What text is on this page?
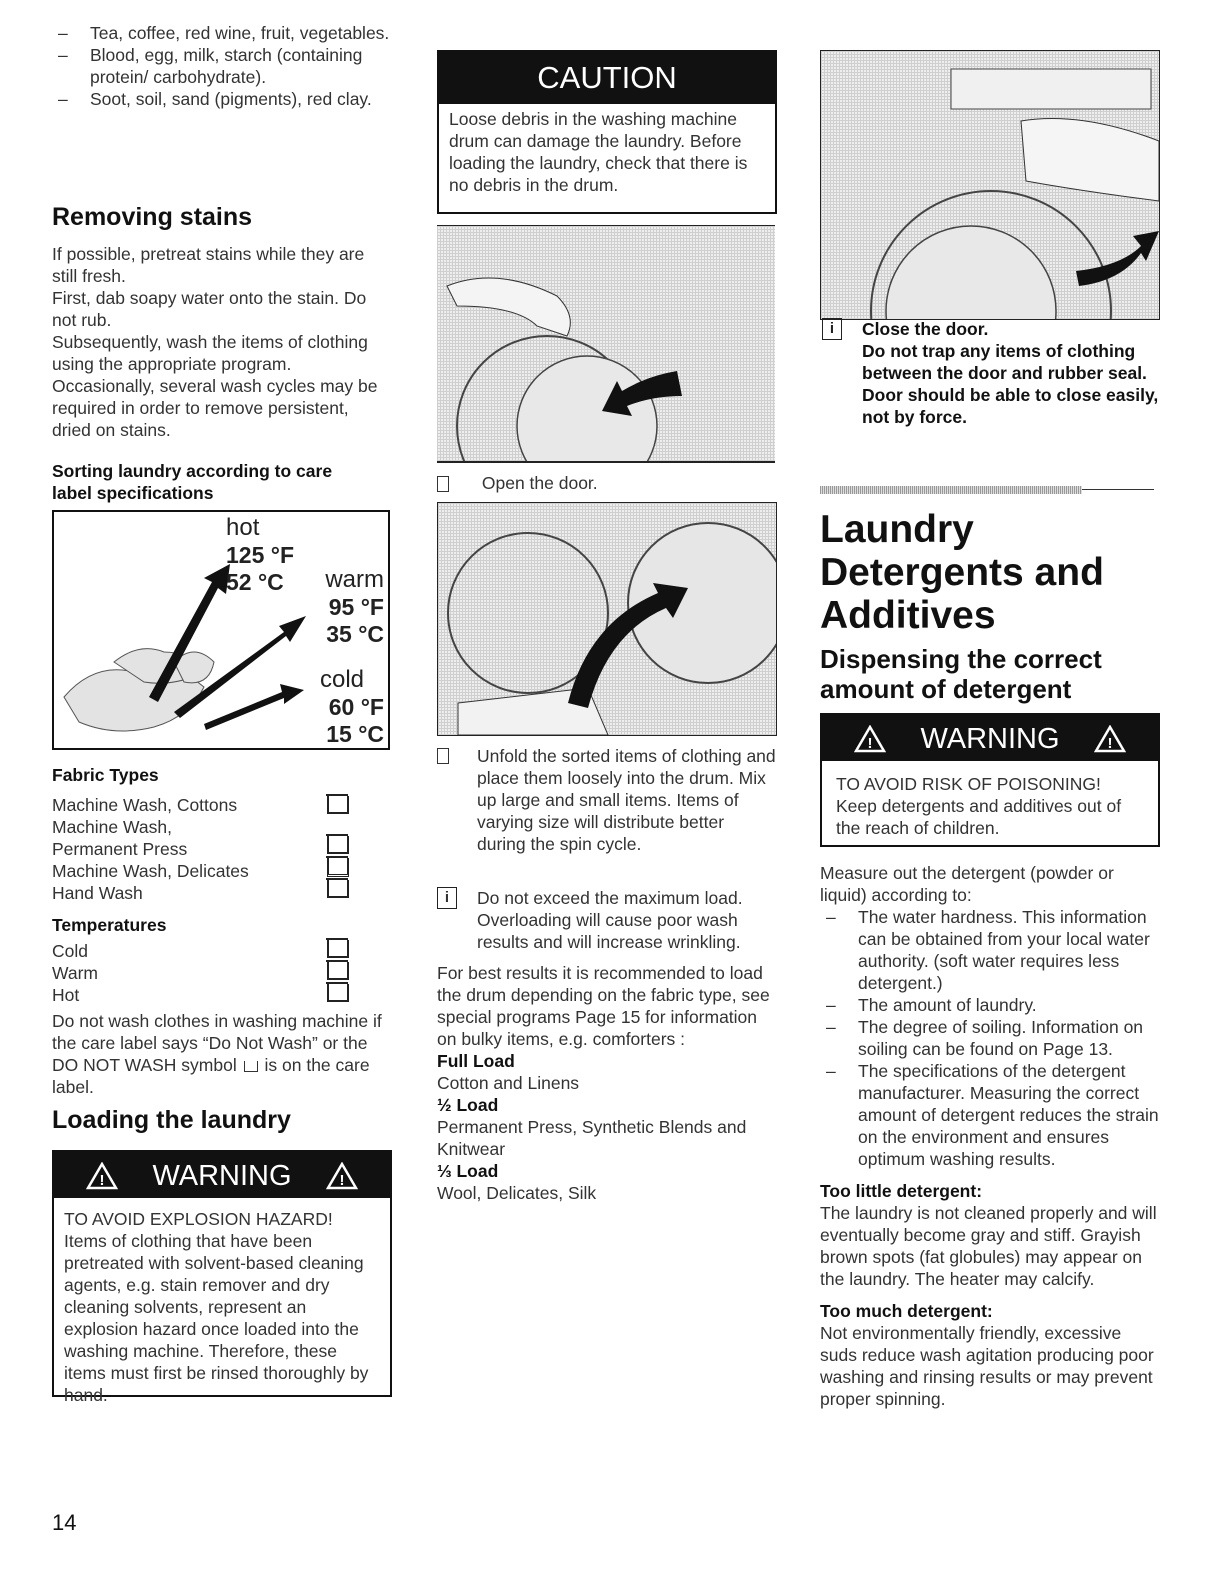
– Tea, coffee, red wine, fruit, vegetables.
– Blood, egg, milk, starch (containing protein/ carbohydrate).
– Soot, soil, sand (pigments), red clay.
Removing stains

If possible, pretreat stains while they are still fresh.

First, dab soapy water onto the stain. Do not rub.

Subsequently, wash the items of clothing using the appropriate program.

Occasionally, several wash cycles may be required in order to remove persistent, dried on stains.

Sorting laundry according to care label specifications
hot
125 °F
52 °C warm
95 °F
35 °C
cold
60 °F
15 °C
Fabric Types
Machine Wash, Cottons
Machine Wash,
Permanent Press
Machine Wash, Delicates
Hand Wash
Temperatures
Cold
Warm
Hot
Do not wash clothes in washing machine if the care label says “Do Not Wash” or the DO NOT WASH symbol is on the care label.
Loading the laundry
! WARNING	!

TO AVOID EXPLOSION HAZARD! Items of clothing that have been pretreated with solvent-based cleaning agents, e.g. stain remover and dry cleaning solvents, represent an explosion hazard once loaded into the washing machine. Therefore, these items must first be rinsed thoroughly by hand.

CAUTION

Loose debris in the washing machine drum can damage the laundry. Before loading the laundry, check that there is no debris in the drum.

Open the door.

Unfold the sorted items of clothing and place them loosely into the drum. Mix up large and small items. Items of varying size will distribute better during the spin cycle.

i	Do not exceed the maximum load.

Overloading will cause poor wash results and will increase wrinkling.

For best results it is recommended to load the drum depending on the fabric type, see special programs Page 15 for information on bulky items, e.g. comforters :

Full Load

Cotton and Linens

½ Load

Permanent Press, Synthetic Blends and Knitwear

⅓ Load

Wool, Delicates, Silk

i	Close the door.

Do not trap any items of clothing between the door and rubber seal. Door should be able to close easily, not by force.

Laundry Detergents and Additives
Dispensing the correct amount of detergent
! WARNING	!

TO AVOID RISK OF POISONING! Keep detergents and additives out of the reach of children.

Measure out the detergent (powder or liquid) according to:

– The water hardness. This information can be obtained from your local water authority. (soft water requires less detergent.)
– The amount of laundry.
– The degree of soiling. Information on soiling can be found on Page 13.
– The specifications of the detergent manufacturer. Measuring the correct amount of detergent reduces the strain on the environment and ensures optimum washing results.
Too little detergent:

The laundry is not cleaned properly and will eventually become gray and stiff. Grayish brown spots (fat globules) may appear on the laundry. The heater may calcify.

Too much detergent:

Not environmentally friendly, excessive suds reduce wash agitation producing poor washing and rinsing results or may prevent proper spinning.

14
